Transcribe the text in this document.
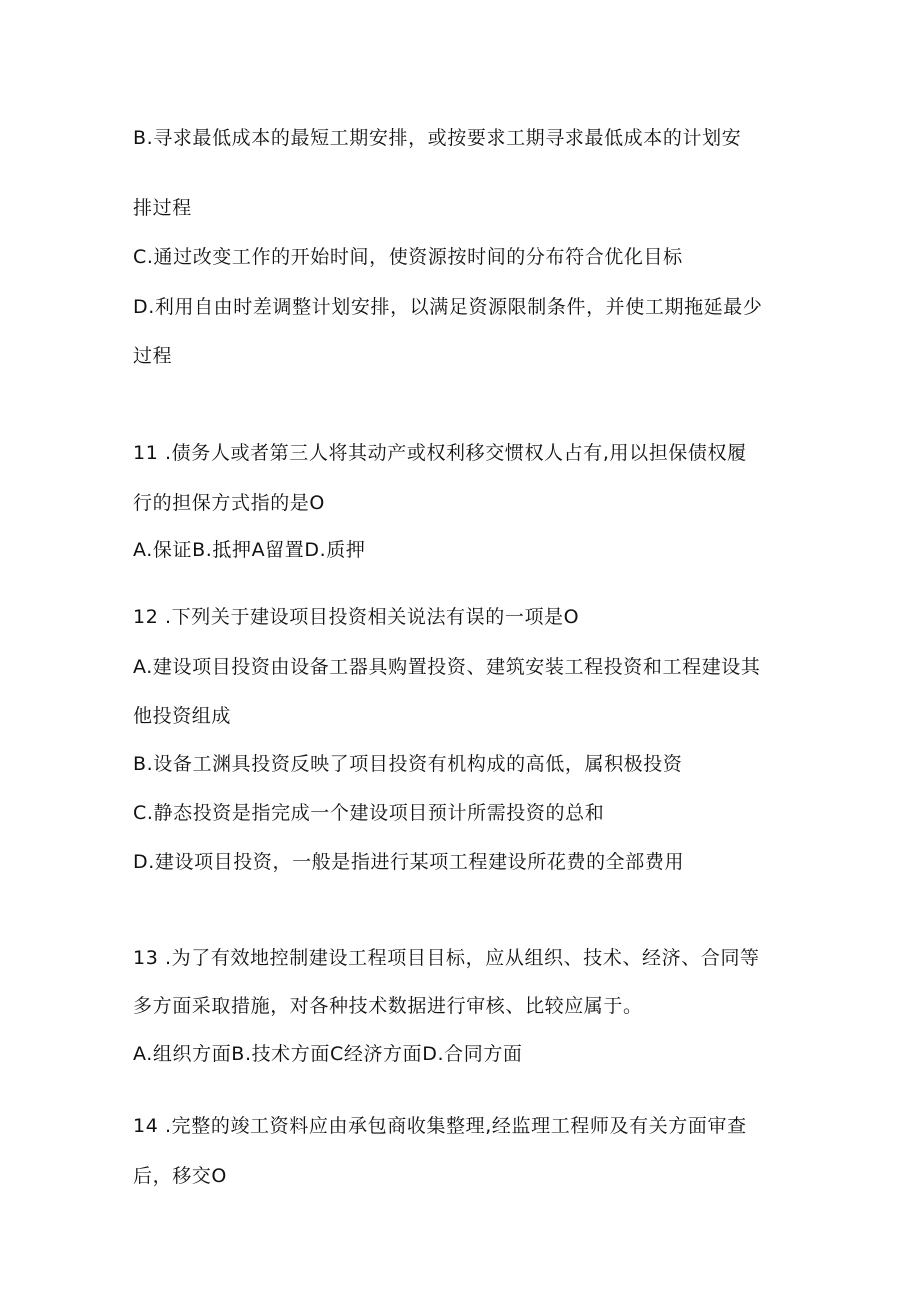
B.寻求最低成本的最短工期安排，或按要求工期寻求最低成本的计划安
排过程
C.通过改变工作的开始时间，使资源按时间的分布符合优化目标
D.利用自由时差调整计划安排，以满足资源限制条件，并使工期拖延最少
过程
11 .债务人或者第三人将其动产或权利移交惯权人占有,用以担保债权履
行的担保方式指的是O
A.保证B.抵押A留置D.质押
12 .下列关于建设项目投资相关说法有误的一项是O
A.建设项目投资由设备工器具购置投资、建筑安装工程投资和工程建设其
他投资组成
B.设备工渊具投资反映了项目投资有机构成的高低，属积极投资
C.静态投资是指完成一个建设项目预计所需投资的总和
D.建设项目投资，一般是指进行某项工程建设所花费的全部费用
13 .为了有效地控制建设工程项目目标，应从组织、技术、经济、合同等
多方面采取措施，对各种技术数据进行审核、比较应属于。
A.组织方面B.技术方面C经济方面D.合同方面
14 .完整的竣工资料应由承包商收集整理,经监理工程师及有关方面审查
后，移交O
